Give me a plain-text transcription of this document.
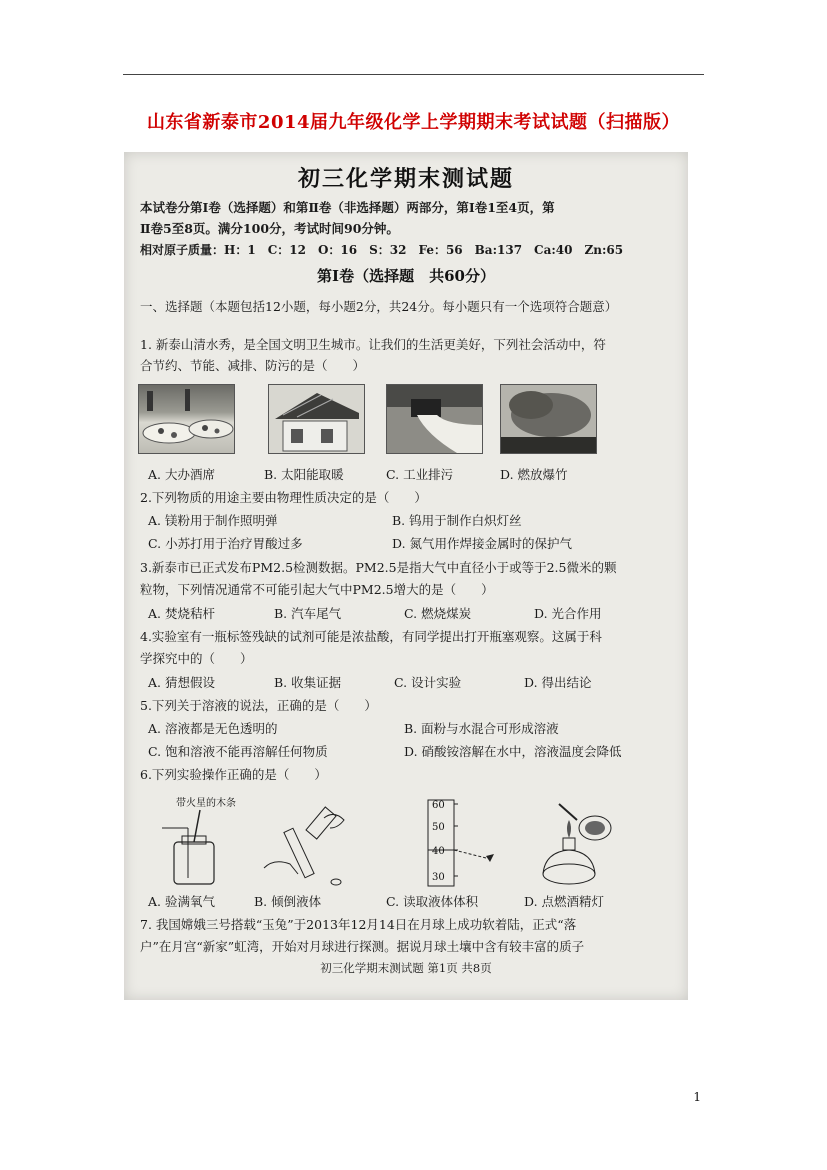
山东省新泰市2014届九年级化学上学期期末考试试题（扫描版）
初三化学期末测试题
本试卷分第Ⅰ卷（选择题）和第Ⅱ卷（非选择题）两部分，第Ⅰ卷1至4页，第
Ⅱ卷5至8页。满分100分，考试时间90分钟。
相对原子质量：H：1　C：12　O：16　S：32　Fe：56　Ba:137　Ca:40　Zn:65
第Ⅰ卷（选择题　共60分）
一、选择题（本题包括12小题，每小题2分，共24分。每小题只有一个选项符合题意）
1. 新泰山清水秀，是全国文明卫生城市。让我们的生活更美好，下列社会活动中，符
合节约、节能、减排、防污的是（　　）
A. 大办酒席	B. 太阳能取暖	C. 工业排污	D. 燃放爆竹
2.下列物质的用途主要由物理性质决定的是（　　）
A. 镁粉用于制作照明弹	B. 钨用于制作白炽灯丝
C. 小苏打用于治疗胃酸过多	D. 氮气用作焊接金属时的保护气
3.新泰市已正式发布PM2.5检测数据。PM2.5是指大气中直径小于或等于2.5微米的颗
粒物，下列情况通常不可能引起大气中PM2.5增大的是（　　）
A. 焚烧秸杆	B. 汽车尾气	C. 燃烧煤炭	D. 光合作用
4.实验室有一瓶标签残缺的试剂可能是浓盐酸，有同学提出打开瓶塞观察。这属于科
学探究中的（　　）
A. 猜想假设	B. 收集证据	C. 设计实验	D. 得出结论
5.下列关于溶液的说法，正确的是（　　）
A. 溶液都是无色透明的	B. 面粉与水混合可形成溶液
C. 饱和溶液不能再溶解任何物质	D. 硝酸铵溶解在水中，溶液温度会降低
6.下列实验操作正确的是（　　）
带火星的木条	60
50
40
30
A. 验满氧气	B. 倾倒液体	C. 读取液体体积	D. 点燃酒精灯
7. 我国嫦娥三号搭载“玉兔”于2013年12月14日在月球上成功软着陆，正式“落
户”在月宫“新家”虹湾，开始对月球进行探测。据说月球土壤中含有较丰富的质子
初三化学期末测试题 第1页 共8页
1
